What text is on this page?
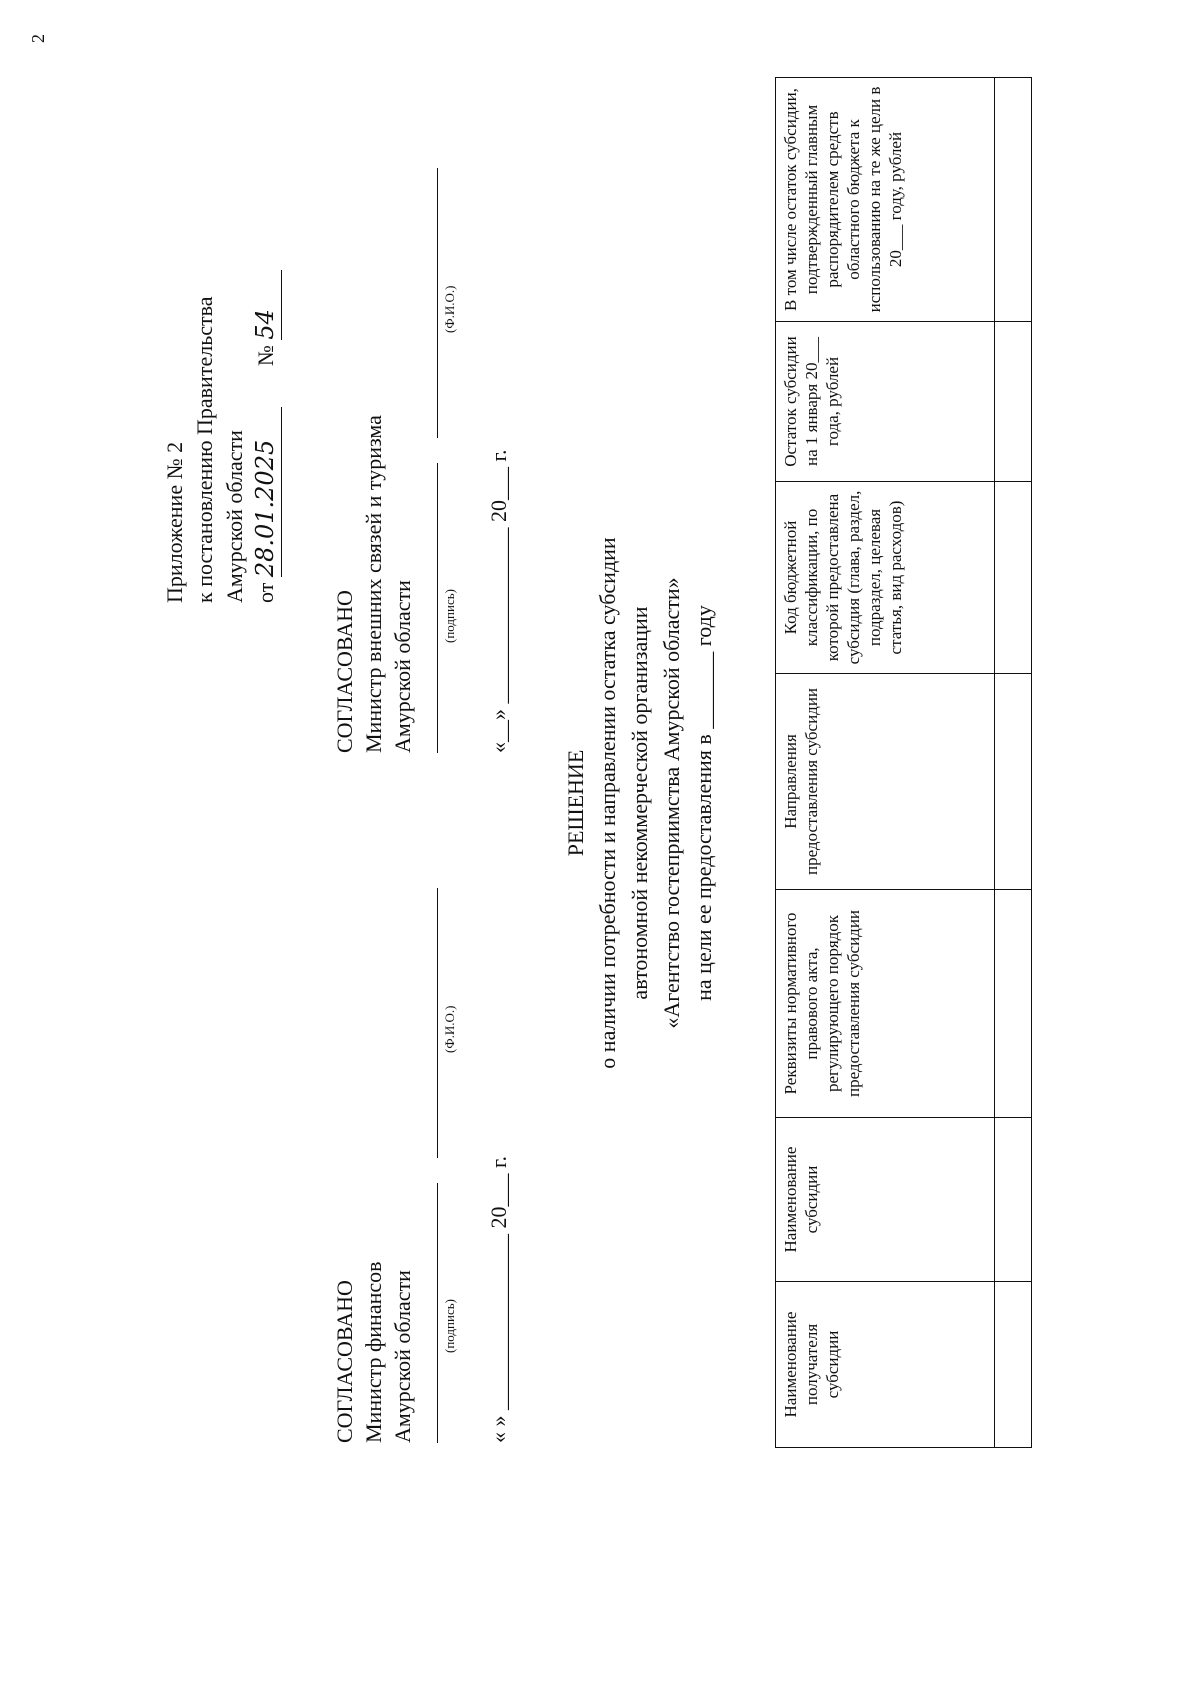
2
Приложение № 2 к постановлению Правительства Амурской области от 28.01.2025  № 54
СОГЛАСОВАНО Министр финансов Амурской области (подпись)
(Ф.И.О.)
« » ________________ 20___ г.
СОГЛАСОВАНО Министр внешних связей и туризма Амурской области (подпись)
(Ф.И.О.)
«__» ________________ 20___ г.
РЕШЕНИЕ о наличии потребности и направлении остатка субсидии автономной некоммерческой организации «Агентство гостеприимства Амурской области» на цели ее предоставления в _______ году
Наименование получателя субсидии	Наименование субсидии	Реквизиты нормативного правового акта, регулирующего порядок предоставления субсидии	Направления предоставления субсидии	Код бюджетной классификации, по которой предоставлена субсидия (глава, раздел, подраздел, целевая статья, вид расходов)	Остаток субсидии на 1 января 20___ года, рублей	В том числе остаток субсидии, подтвержденный главным распорядителем средств областного бюджета к использованию на те же цели в 20___ году, рублей
